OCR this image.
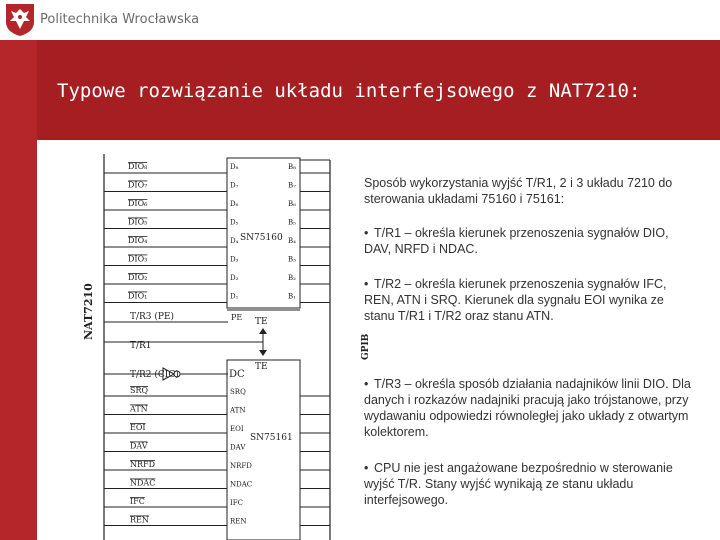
Politechnika Wrocławska
Typowe rozwiązanie układu interfejsowego z NAT7210:
NAT7210
DIO₈	D₈	B₈
DIO₇	D₇	B₇
DIO₆	D₆	B₆
DIO₅	D₅	B₅
DIO₄	D₄	B₄
DIO₃	D₃	B₃
DIO₂	D₂	B₂
DIO₁	D₁	B₁
SN75160
GPIB
T/R3 (PE)	PE TE
T/R1
TE
DC
T/R2 (CIC)
SN75161
SRQ	SRQ
ATN	ATN
EOI	EOI
DAV	DAV
NRFD	NRFD
NDAC	NDAC
IFC	IFC
REN	REN
Sposób wykorzystania wyjść T/R1, 2 i 3 układu 7210 do sterowania układami 75160 i 75161:
• T/R1 – określa kierunek przenoszenia sygnałów DIO, DAV, NRFD i NDAC.
• T/R2 – określa kierunek przenoszenia sygnałów IFC, REN, ATN i SRQ. Kierunek dla sygnału EOI wynika ze stanu T/R1 i T/R2 oraz stanu ATN.
• T/R3 – określa sposób działania nadajników linii DIO. Dla danych i rozkazów nadajniki pracują jako trójstanowe, przy wydawaniu odpowiedzi równoległej jako układy z otwartym kolektorem.
• CPU nie jest angażowane bezpośrednio w sterowanie wyjść T/R. Stany wyjść wynikają ze stanu układu interfejsowego.
